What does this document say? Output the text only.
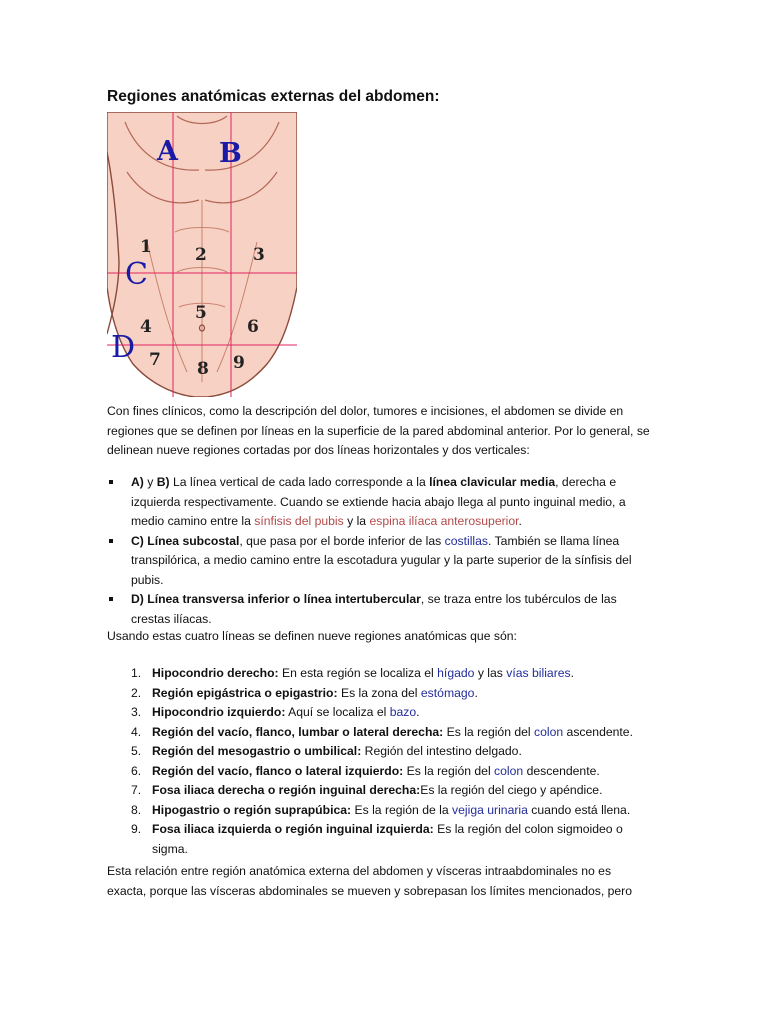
Regiones anatómicas externas del abdomen:
A B
C
D
1	2	3
4
5
6
7 8 9

Con fines clínicos, como la descripción del dolor, tumores e incisiones, el abdomen se divide en regiones que se definen por líneas en la superficie de la pared abdominal anterior. Por lo general, se delinean nueve regiones cortadas por dos líneas horizontales y dos verticales:

A) y B) La línea vertical de cada lado corresponde a la línea clavicular media, derecha e izquierda respectivamente. Cuando se extiende hacia abajo llega al punto inguinal medio, a medio camino entre la sínfisis del pubis y la espina ilíaca anterosuperior.
C) Línea subcostal, que pasa por el borde inferior de las costillas. También se llama línea transpilórica, a medio camino entre la escotadura yugular y la parte superior de la sínfisis del pubis.
D) Línea transversa inferior o línea intertubercular, se traza entre los tubérculos de las crestas ilíacas.

Usando estas cuatro líneas se definen nueve regiones anatómicas que són:

1. Hipocondrio derecho: En esta región se localiza el hígado y las vías biliares.
2. Región epigástrica o epigastrio: Es la zona del estómago.
3. Hipocondrio izquierdo: Aquí se localiza el bazo.
4. Región del vacío, flanco, lumbar o lateral derecha: Es la región del colon ascendente.
5. Región del mesogastrio o umbilical: Región del intestino delgado.
6. Región del vacío, flanco o lateral izquierdo: Es la región del colon descendente.
7. Fosa iliaca derecha o región inguinal derecha:Es la región del ciego y apéndice.
8. Hipogastrio o región suprapúbica: Es la región de la vejiga urinaria cuando está llena.
9. Fosa iliaca izquierda o región inguinal izquierda: Es la región del colon sigmoideo o sigma.

Esta relación entre región anatómica externa del abdomen y vísceras intraabdominales no es exacta, porque las vísceras abdominales se mueven y sobrepasan los límites mencionados, pero
